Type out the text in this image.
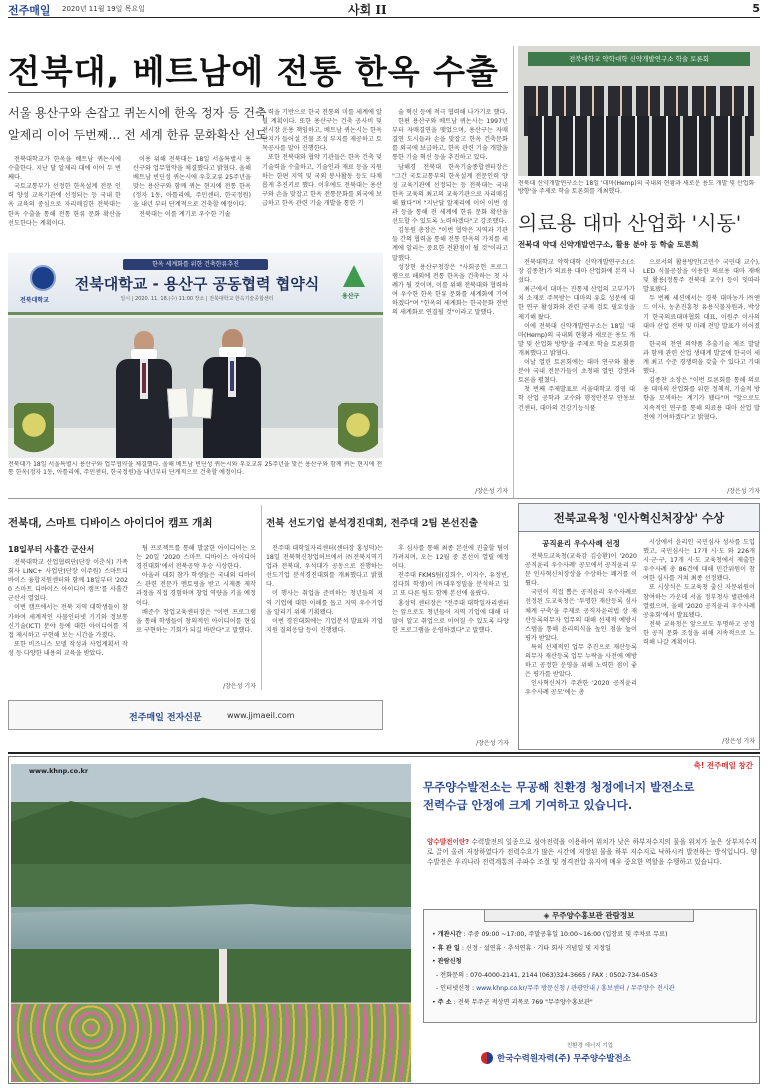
전주매일 2020년 11월 19일 목요일	사회 II	5
전북대, 베트남에 전통 한옥 수출
서울 용산구와 손잡고 퀴논시에 한옥 정자 등 건축
알제리 이어 두번째… 전 세계 한류 문화확산 선도

전북대학교가 한옥을 베트남 퀴논시에 수출한다. 지난 달 알제리 대에 이어 두 번째다.

국토교통부가 선정한 한옥설계 전문 인력 양성 교육기관에 선정되는 등 국내 한옥 교육의 중심으로 자리매김한 전북대는 한옥 수출을 통해 전통 한류 문화 확산을 선도한다는 계획이다.

이용 위해 전북대는 18일 서울특별시 용산구와 업무협약을 체결했다고 밝혔다. 올해 베트남 빈딘성 퀴논시에 우호교류 25주년을 맞는 용산구와 함께 퀴논 현지에 전통 한옥(정자 1동, 아틀리에, 주민센터, 한국정원)을 내년 부터 단계적으로 건축할 예정이다.

전북대는 이를 계기로 우수한 기술

력을 기반으로 한국 전통의 미를 세계에 알릴 계획이다. 또한 용산구는 건축 공사비 및 전시장 운용 책임하고, 베트남 퀴논시는 한옥단지가 들어설 건물 조성 부지를 제공하고 토목공사를 맡아 진행한다.

또한 전북대와 협약 기관들은 한옥 건축 및 기술력을 수출하고, 기술인과 재료 등을 지원하는 한편 지역 및 국외 봉사활동 등도 다채롭게 추진키로 했다. 이후에도 전북대는 용산구와 손을 맞잡고 한옥 전통문화를 외국에 보급하고 한옥 관련 기술 개발을 통한 기

술 혁신 등에 적극 협력해 나가기로 했다.

한편 용산구와 베트남 퀴논시는 1997년부터 자매결연을 맺었으며, 용산구는 자매결연 도시들과 손을 맞잡고 한옥 건축문화를 외국에 보급하고, 한옥 관련 기술 개발을 통한 기술 혁신 등을 추진하고 있다.

남해경 전북대 한옥기술종합센터장은 "그간 국토교통부의 한옥설계 전문인력 양성 교육기관에 선정되는 등 전북대는 국내 한옥 교육의 최고의 교육기관으로 자리매김해 왔다"며 "지난달 알제리에 이어 이번 성과 등을 통해 전 세계에 한류 문화 확산을 선도할 수 있도록 노력하겠다"고 강조했다.

김동원 총장은 "이번 협약은 지역과 기관들 간의 협력을 통해 전통 한옥의 가치를 세계에 알리는 중요한 전환점이 될 것"이라고 말했다.

성장현 용산구청장은 "사회공헌 프로그램으로 해외에 전통 한옥을 건축하는 첫 사례가 될 것이며, 이를 위해 전북대와 협력하여 우수한 한옥 한류 문화를 세계화에 기여하겠다"며 "한옥의 세계화는 한국문화 전반의 세계화로 연결될 것"이라고 말했다.

/장은성 기자
전북대학교
한옥 세계화를 위한 건축한류추진
전북대학교 - 용산구 공동협력 협약식
일시 | 2020. 11. 18.(수) 11:00 장소 | 전북대학교 한옥기술종합센터	용산구
전북대가 18일 서울특별시 용산구와 업무협약을 체결했다. 올해 베트남 빈딘성 퀴논시와 우호교류 25주년을 맞은 용산구와 함께 퀴논 현지에 전통 한옥(정자 1동, 아틀리에, 주민센터, 한국정원)을 내년부터 단계적으로 건축할 예정이다.
전북대학교 약학대학 신약개발연구소 학술 토론회
전북대 신약개발연구소는 18일 '대마(Hemp)의 국내외 현황과 새로운 용도 개발 및 산업화 방향'을 주제로 학술 토론회를 개최했다.
의료용 대마 산업화 '시동'
전북대 약대 신약개발연구소, 활용 분야 등 학술 토론회

전북대학교 약학대학 신약개발연구소(소장 김종찬)가 의료용 대마 산업화에 본격 나섰다.

최근에서 대마는 진통제 산업의 고부가가치 소재로 주목받는 대마의 유효 성분에 대한 연구 활성화와 관련 규제 검토 필요성을 제기해 왔다.

이에 전북대 신약개발연구소는 18일 '대마(Hemp)의 국내외 현황과 새로운 용도 개발 및 산업화 방향'을 주제로 학술 토론회를 개최했다고 밝혔다.

이날 열린 토론회에는 대마 연구와 활용 분야 국내 전문가들이 초청돼 열띤 강연과 토론을 펼쳤다.

첫 번째 주제발표로 서울대학교 경영 대학 산업 공학과 교수와 행정안전부 안동보건센터, 대마의 건강기능식품

으로서의 활용방안(고민수 국민대 교수), LED 식물공장을 이용한 의료용 대마 재배 및 활용(정통주 전북대 교수) 등이 잇따라 발표됐다.

두 번째 세션에서는 경북 대마농가 ㈜앤드 이사, 농촌진흥청 유용식물자원과, 박상기 한국의료대마협회 대표, 이원주 이사의 대마 산업 전략 및 미래 전망 발표가 이어졌다.

한국의 천연 의약품 추출기술 제조 발달과 함께 관련 산업 생태계 발굴에 한국이 세계 최고 수준 경쟁력을 갖출 수 있다고 기대했다.

김종찬 소장은 "이번 토론회를 통해 의료용 대마의 산업화를 위한 정책적, 기술적 방향을 모색하는 계기가 됐다"며 "앞으로도 지속적인 연구를 통해 의료용 대마 산업 발전에 기여하겠다"고 밝혔다.

/장은성 기자
전북교육청 '인사혁신처장상' 수상
공직윤리 우수사례 선정

전북도교육청(교육감 김승환)이 '2020 공직윤리 우수사례' 공모에서 공직윤리 부문 인사혁신처장상을 수상하는 쾌거를 이뤘다.

국민이 직접 뽑은 공직윤리 우수사례로 선정된 도교육청은 '투명한 재산등록 심사체계 구축'을 주제로 공직자윤리법 상 재산등록의무자 업무의 대해 선제적 예방시스템을 통해 윤리의식을 높인 점을 높이 평가 받았다.

특히 선제적인 업무 추진으로 재산등록의무자 재산등록 업무 누락을 사전에 예방하고 공정한 운영을 위해 노력한 점이 좋은 평가를 받았다.

인사혁신처가 주관한 '2020 공직윤리 우수사례 공모'에는 총

시상에서 윤리인 국민심사 성사를 도입했고, 국민심사는 17개 시·도 와 226개 시·군·구, 17개 시·도 교육청에서 제출한 우수사례 총 86건에 대해 민간위원이 참여한 심사를 거쳐 최종 선정됐다.

또 시상식은 도교육청 출신 자문위원이 참여하는 가운데 서울 정부청사 별관에서 열렸으며, 올해 '2020 공직윤리 우수사례 공유회'에서 발표됐다.

전북 교육청은 앞으로도 투명하고 공정한 공직 문화 조성을 위해 지속적으로 노력해 나갈 계획이다.

/장은성 기자
전북대, 스마트 디바이스 아이디어 캠프 개최
18일부터 사흘간 군산서

전북대학교 산업협력단(단장 이춘식) 가족회사 LINC+ 사업단(단장 이주원) 스마트디바이스 융합지원센터와 함께 18일부터 '2020 스마트 디바이스 아이디어 캠프'를 사흘간 군산서 열었다.

이번 캠프에서는 전북 지역 대학생들이 참가하여 세계적인 사물인터넷 기기와 정보통신기술(ICT) 분야 등에 대한 아이디어를 직접 제시하고 구현해 보는 시간을 가졌다.

또한 비즈니스 모델 작성과 사업계획서 작성 등 다양한 내용의 교육을 받았다.

팀 프로젝트를 통해 발굴한 아이디어는 오는 20일 '2020 스마트 디바이스 아이디어 경진대회'에서 전북공약 우승 시상한다.

아울러 대회 참가 학생들은 국내외 디바이스 관련 전문가 멘토링을 받고 시제품 제작 과정을 직접 경험하며 창업 역량을 키울 예정이다.

배준수 창업교육센터장은 "이번 프로그램을 통해 학생들이 창의적인 아이디어를 현실로 구현하는 기회가 되길 바란다"고 말했다.

/장은성 기자
전북 선도기업 분석경진대회, 전주대 2팀 본선진출

전주대 대학일자리센터(센터장 홍성덕)는 18일 전북혁신창업허브에서 ㈜전북지역기업과 전북대, 우석대가 공동으로 진행하는 선도기업 분석경진대회를 개최했다고 밝혔다.

이 행사는 취업을 준비하는 청년들의 지역 기업에 대한 이해를 돕고 지역 우수기업을 알리기 위해 기획됐다.

이번 경진대회에는 기업분석 발표와 기업 지원 질의응답 등이 진행됐다.

후 심사를 통해 최종 본선에 진출할 팀이 가려지며, 오는 12월 중 본선이 열릴 예정이다.

전주대 FKMS팀(김희수, 이지수, 유정빈, 김다희 학생)이 ㈜대우정밀을 분석하고 있고 또 다른 팀도 함께 본선에 올랐다.

홍성덕 센터장은 "전주대 대학일자리센터는 앞으로도 청년들이 지역 기업에 대해 더 많이 알고 취업으로 이어질 수 있도록 다양한 프로그램을 운영하겠다"고 말했다.

/장은성 기자
전주매일 전자신문	www.jjmaeil.com
축! 전주매일 창간
www.khnp.co.kr
무주양수발전소는 무공해 친환경 청정에너지 발전소로
전력수급 안정에 크게 기여하고 있습니다.
양수발전이란? 수력발전의 일종으로 심야전력을 이용하여 위치가 낮은 하부저수지의 물을 위치가 높은 상부저수지로 끌어 올려 저장하였다가 전력수요가 많은 시간에 저장된 물을 하부 저수지로 낙하시켜 발전하는 방식입니다. 양수발전은 우리나라 전력계통의 주파수 조절 및 정격전압 유지에 매우 중요한 역할을 수행하고 있습니다.
◈ 무주양수홍보관 관람정보
• 개관시간 : 주중 09:00 ~17:00, 주말공휴일 10:00~16:00 (입장료 및 주차료 무료)
• 휴 관 일 : 신정 · 설연휴 · 추석연휴 · 기타 회사 거념일 및 지정일
• 관람신청
- 전화문의 : 070-4000-2141, 2144 (063)324-3665 / FAX : 0502-734-0543
- 인터넷신청 : www.khnp.co.kr/무주 방문신청 / 관광안내 / 홍보센터 / 무주양수 전시관
• 주 소 : 전북 무주군 적상면 괴목로 769 "무주양수홍보관"
친환경 에너지 기업
한국수력원자력(주) 무주양수발전소
